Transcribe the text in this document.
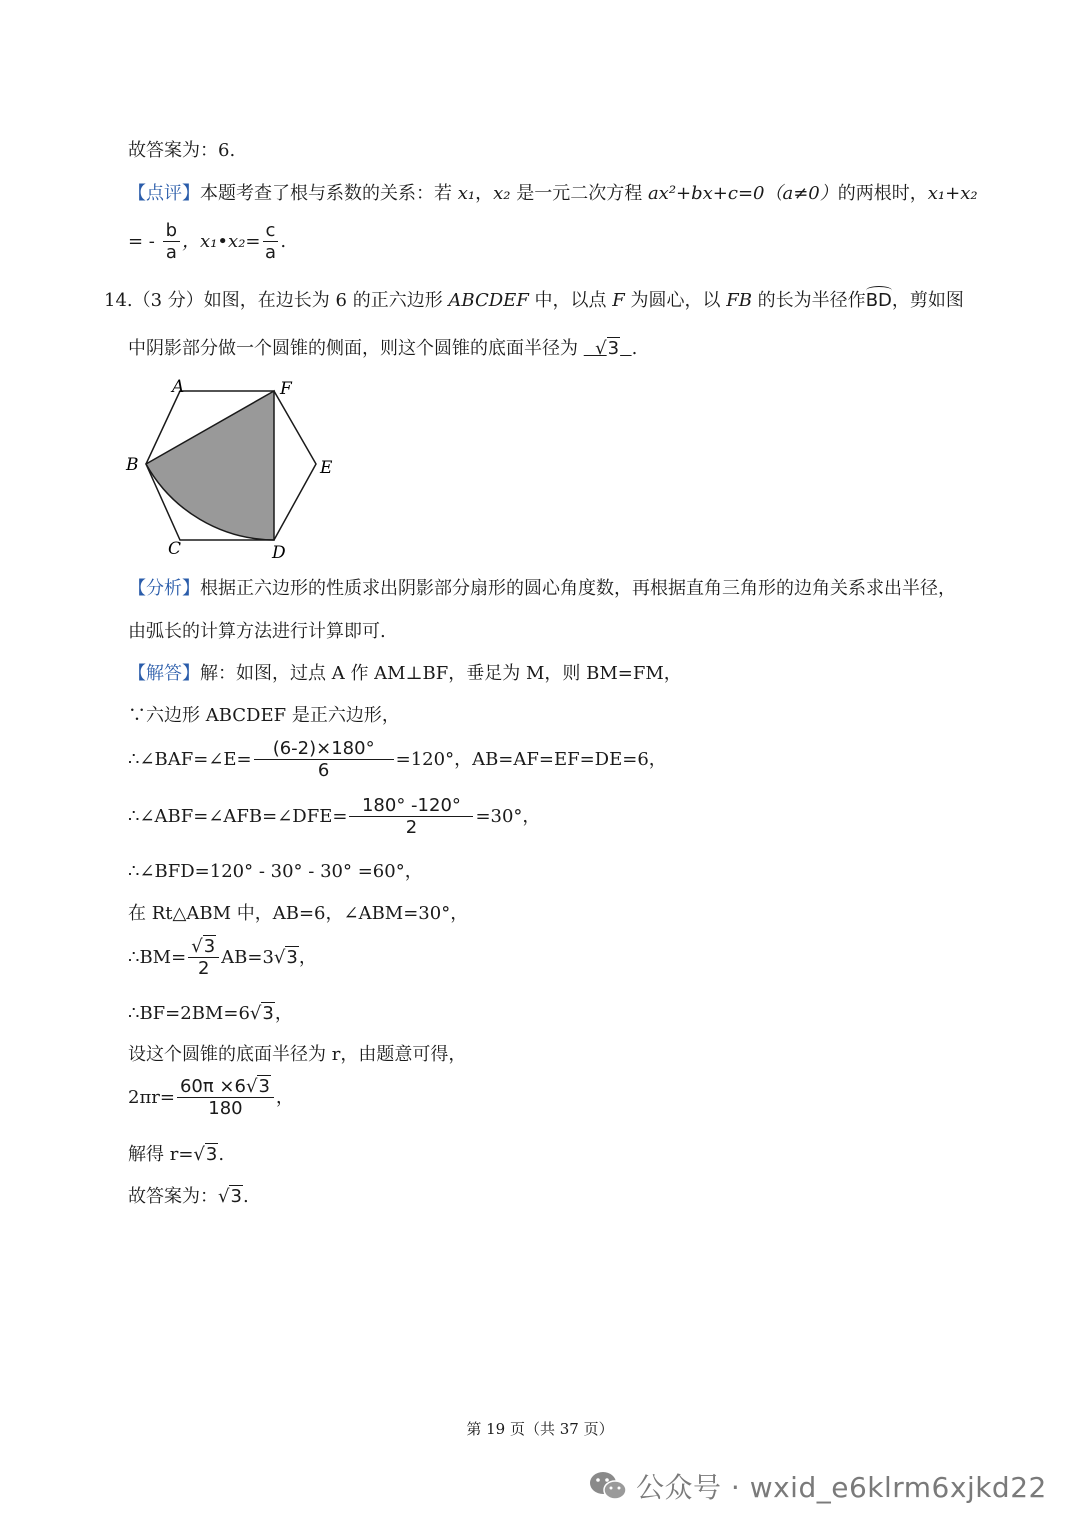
故答案为：6.
【点评】本题考查了根与系数的关系：若 x₁，x₂ 是一元二次方程 ax²+bx+c=0（a≠0）的两根时，x₁+x₂
= - $\frac{b}{a}$ ，x₁•x₂= $\frac{c}{a}$ .
14.（3 分）如图，在边长为 6 的正六边形 ABCDEF 中，以点 F 为圆心，以 FB 的长为半径作BD，剪如图
中阴影部分做一个圆锥的侧面，则这个圆锥的底面半径为   √3 .
A	F
B	E
C	D
【分析】根据正六边形的性质求出阴影部分扇形的圆心角度数，再根据直角三角形的边角关系求出半径，
由弧长的计算方法进行计算即可.
【解答】解：如图，过点 A 作 AM⊥BF，垂足为 M，则 BM=FM，
∵六边形 ABCDEF 是正六边形，
∴∠BAF=∠E= $\frac{(6-2)\times 180^\circ}{6} =120^\circ$，AB=AF=EF=DE=6，
∴∠ABF=∠AFB=∠DFE= $\frac{180^\circ -120^\circ}{2} =30^\circ$，
∴∠BFD=120° - 30° - 30° =60°，
在 Rt△ABM 中，AB=6，∠ABM=30°，
∴BM= $\frac{√3}{2} AB=3√3$，
∴BF=2BM=6√3，
设这个圆锥的底面半径为 r，由题意可得，
$2\pi r= \frac{60\pi \times 6√3}{180}$ ，
解得 r=√3.
故答案为：√3.
第 19 页（共 37 页）
公众号 · wxid_e6klrm6xjkd22
